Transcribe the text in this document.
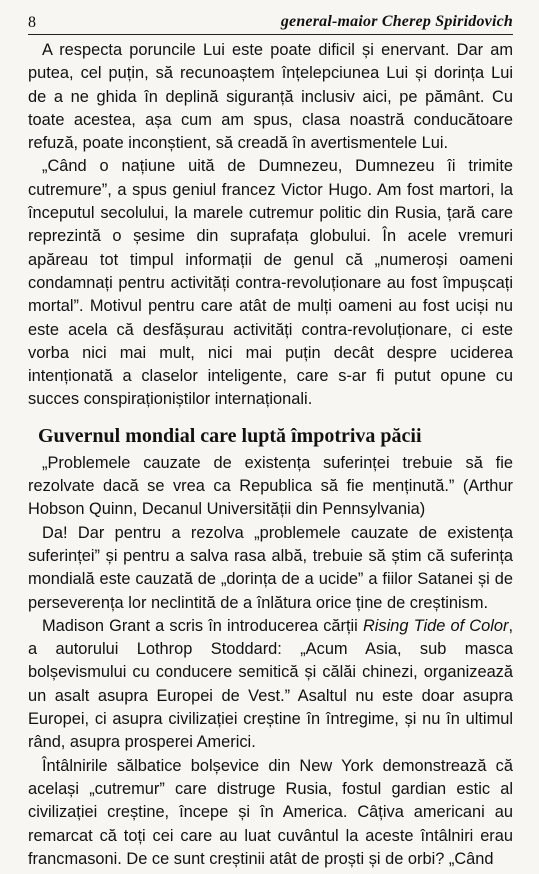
8	general-maior Cherep Spiridovich

A respecta poruncile Lui este poate dificil și enervant. Dar am putea, cel puțin, să recunoaștem înțelepciunea Lui și dorința Lui de a ne ghida în deplină siguranță inclusiv aici, pe pământ. Cu toate acestea, așa cum am spus, clasa noastră conducătoare refuză, poate inconștient, să creadă în avertismentele Lui.

„Când o națiune uită de Dumnezeu, Dumnezeu îi trimite cutremure”, a spus geniul francez Victor Hugo. Am fost martori, la începutul secolului, la marele cutremur politic din Rusia, țară care reprezintă o șesime din suprafața globului. În acele vremuri apăreau tot timpul informații de genul că „numeroși oameni condamnați pentru activități contra-revoluționare au fost împușcați mortal”. Motivul pentru care atât de mulți oameni au fost uciși nu este acela că desfășurau activități contra-revoluționare, ci este vorba nici mai mult, nici mai puțin decât despre uciderea intenționată a claselor inteligente, care s-ar fi putut opune cu succes conspiraționiștilor internaționali.

Guvernul mondial care luptă împotriva păcii

„Problemele cauzate de existența suferinței trebuie să fie rezolvate dacă se vrea ca Republica să fie menținută.” (Arthur Hobson Quinn, Decanul Universității din Pennsylvania)

Da! Dar pentru a rezolva „problemele cauzate de existența suferinței” și pentru a salva rasa albă, trebuie să știm că suferința mondială este cauzată de „dorința de a ucide” a fiilor Satanei și de perseverența lor neclintită de a înlătura orice ține de creștinism.

Madison Grant a scris în introducerea cărții Rising Tide of Color, a autorului Lothrop Stoddard: „Acum Asia, sub masca bolșevismului cu conducere semitică și călăi chinezi, organizează un asalt asupra Europei de Vest.” Asaltul nu este doar asupra Europei, ci asupra civilizației creștine în întregime, și nu în ultimul rând, asupra prosperei Americi.

Întâlnirile sălbatice bolșevice din New York demonstrează că același „cutremur” care distruge Rusia, fostul gardian estic al civilizației creștine, începe și în America. Câțiva americani au remarcat că toți cei care au luat cuvântul la aceste întâlniri erau francmasoni. De ce sunt creștinii atât de proști și de orbi? „Când
